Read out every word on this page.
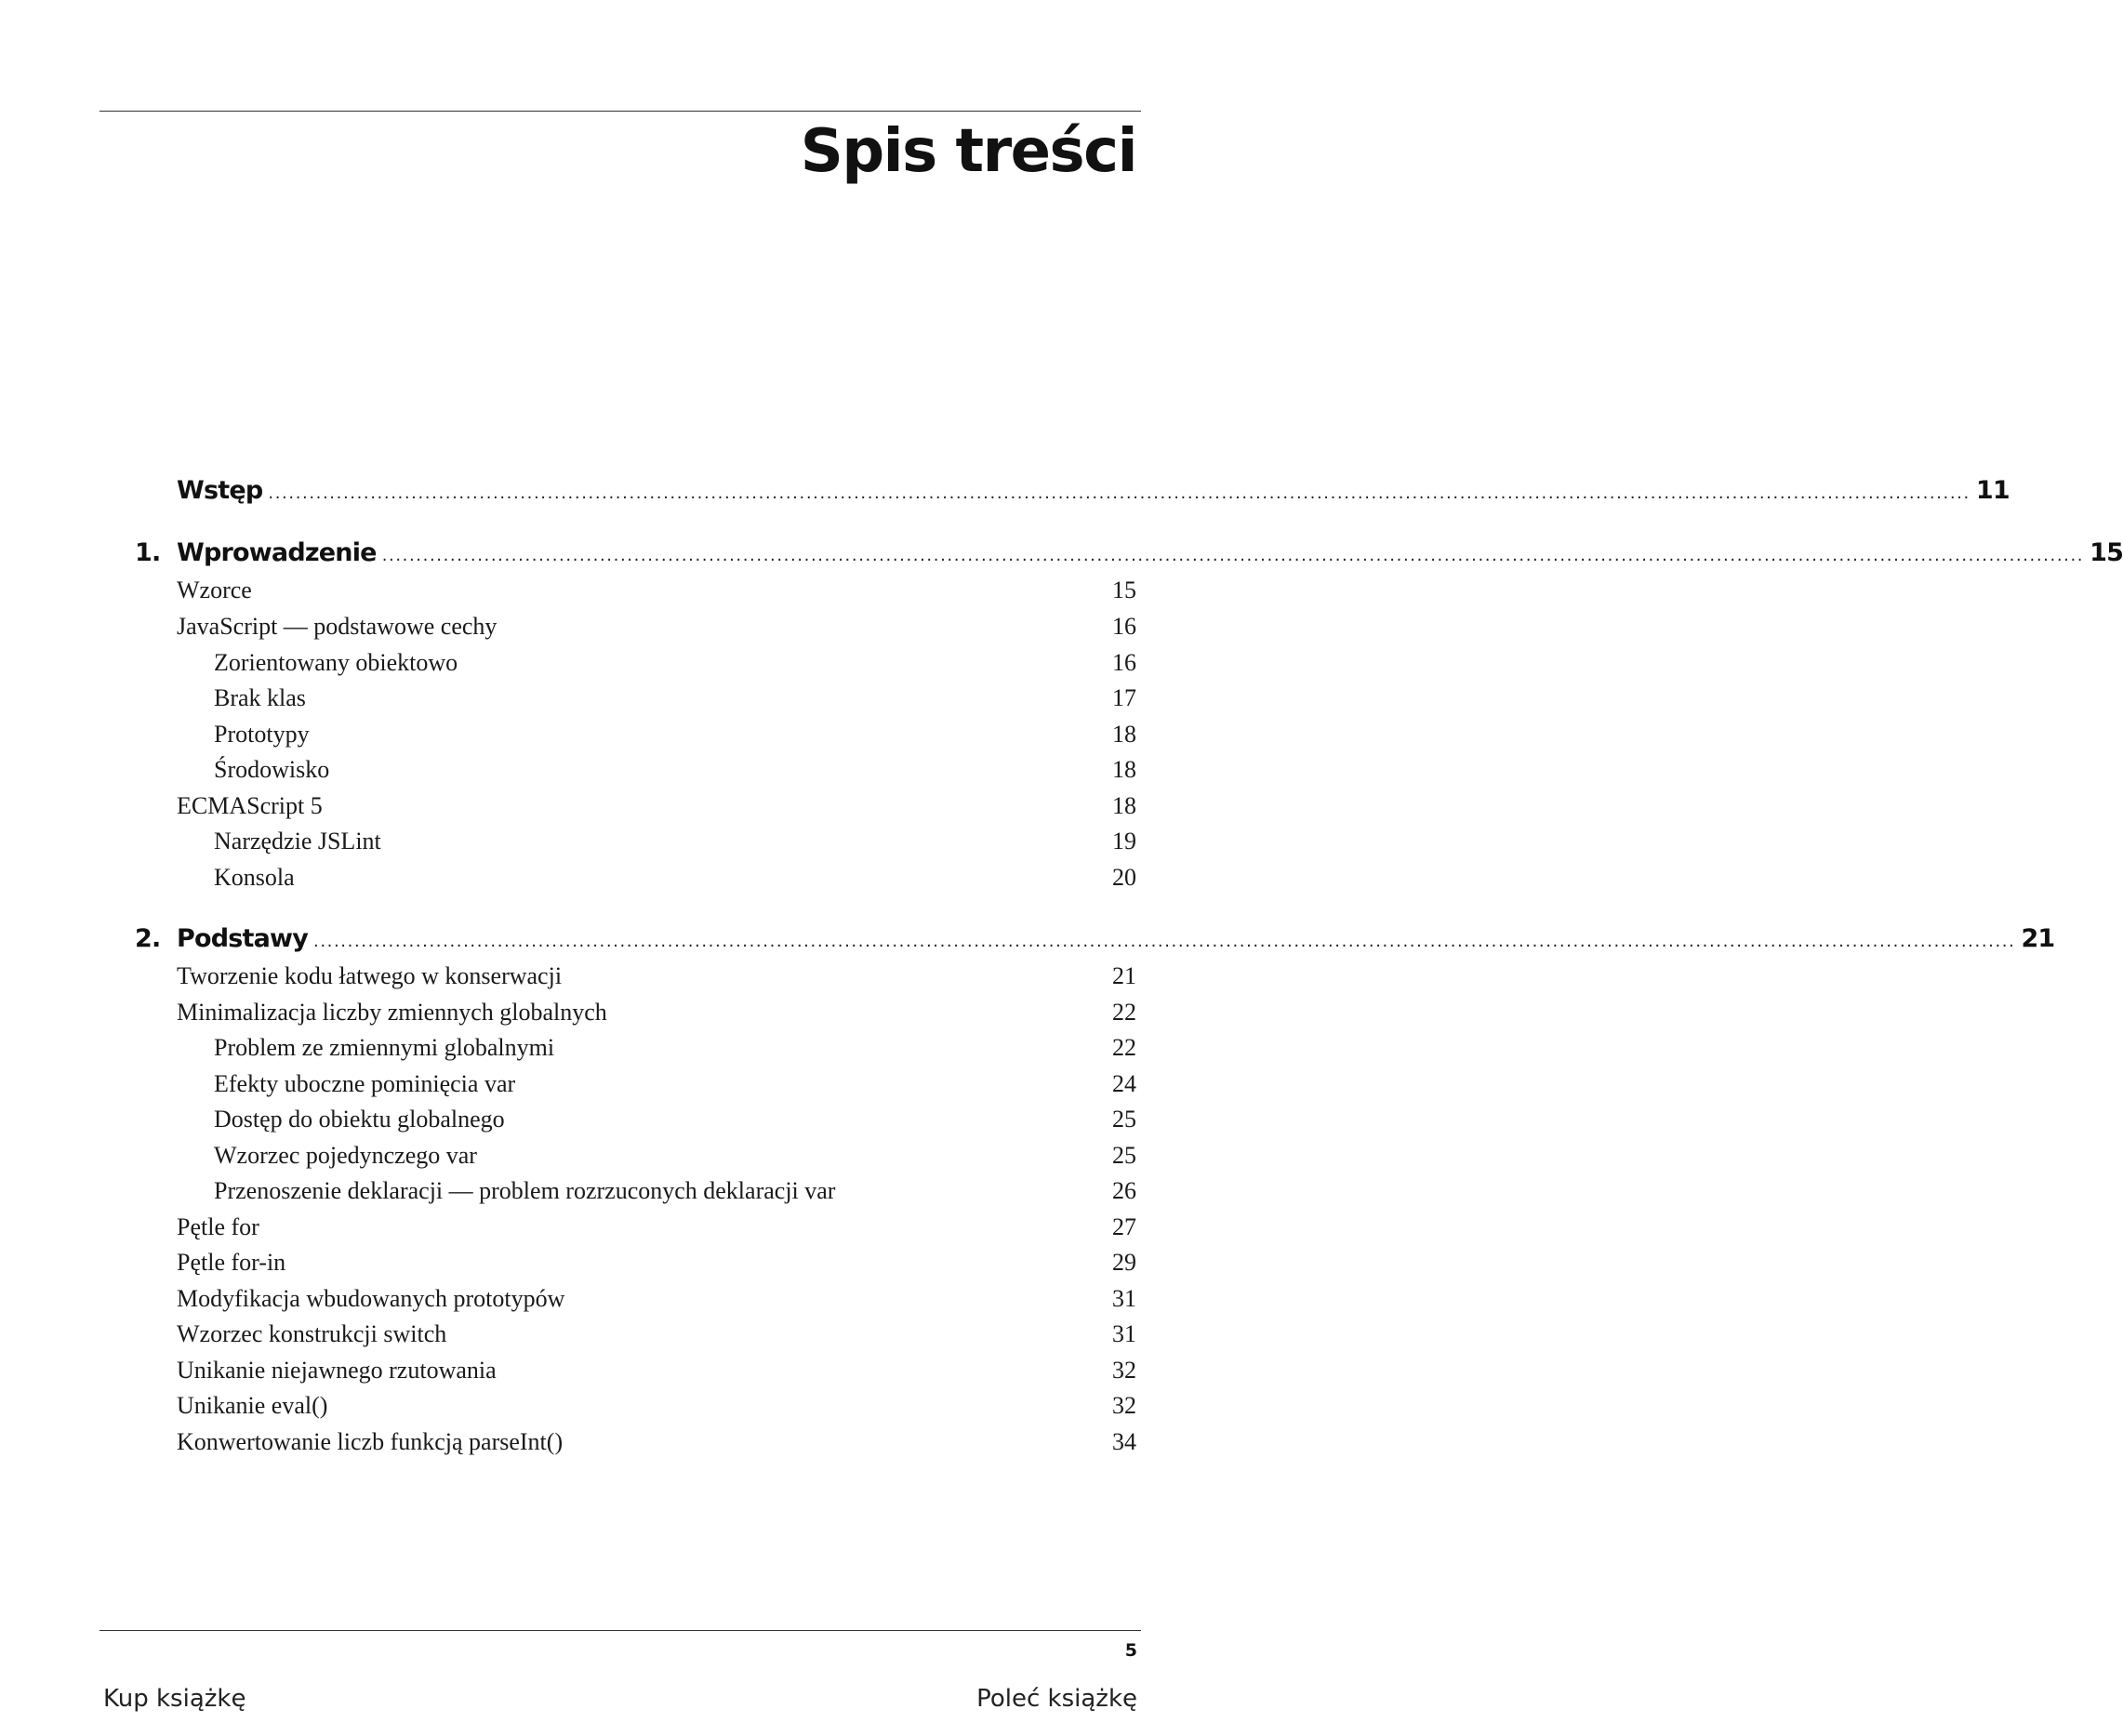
Spis treści
Wstęp .......................................................................................................................................................................................................................................................... 11
1. Wprowadzenie .......................................................................................................................................................................................................................................................... 15
Wzorce	15
JavaScript — podstawowe cechy	16
Zorientowany obiektowo	16
Brak klas	17
Prototypy	18
Środowisko	18
ECMAScript 5	18
Narzędzie JSLint	19
Konsola	20
2. Podstawy .......................................................................................................................................................................................................................................................... 21
Tworzenie kodu łatwego w konserwacji	21
Minimalizacja liczby zmiennych globalnych	22
Problem ze zmiennymi globalnymi	22
Efekty uboczne pominięcia var	24
Dostęp do obiektu globalnego	25
Wzorzec pojedynczego var	25
Przenoszenie deklaracji — problem rozrzuconych deklaracji var	26
Pętle for	27
Pętle for-in	29
Modyfikacja wbudowanych prototypów	31
Wzorzec konstrukcji switch	31
Unikanie niejawnego rzutowania	32
Unikanie eval()	32
Konwertowanie liczb funkcją parseInt()	34
5
Kup książkę	Poleć książkę
